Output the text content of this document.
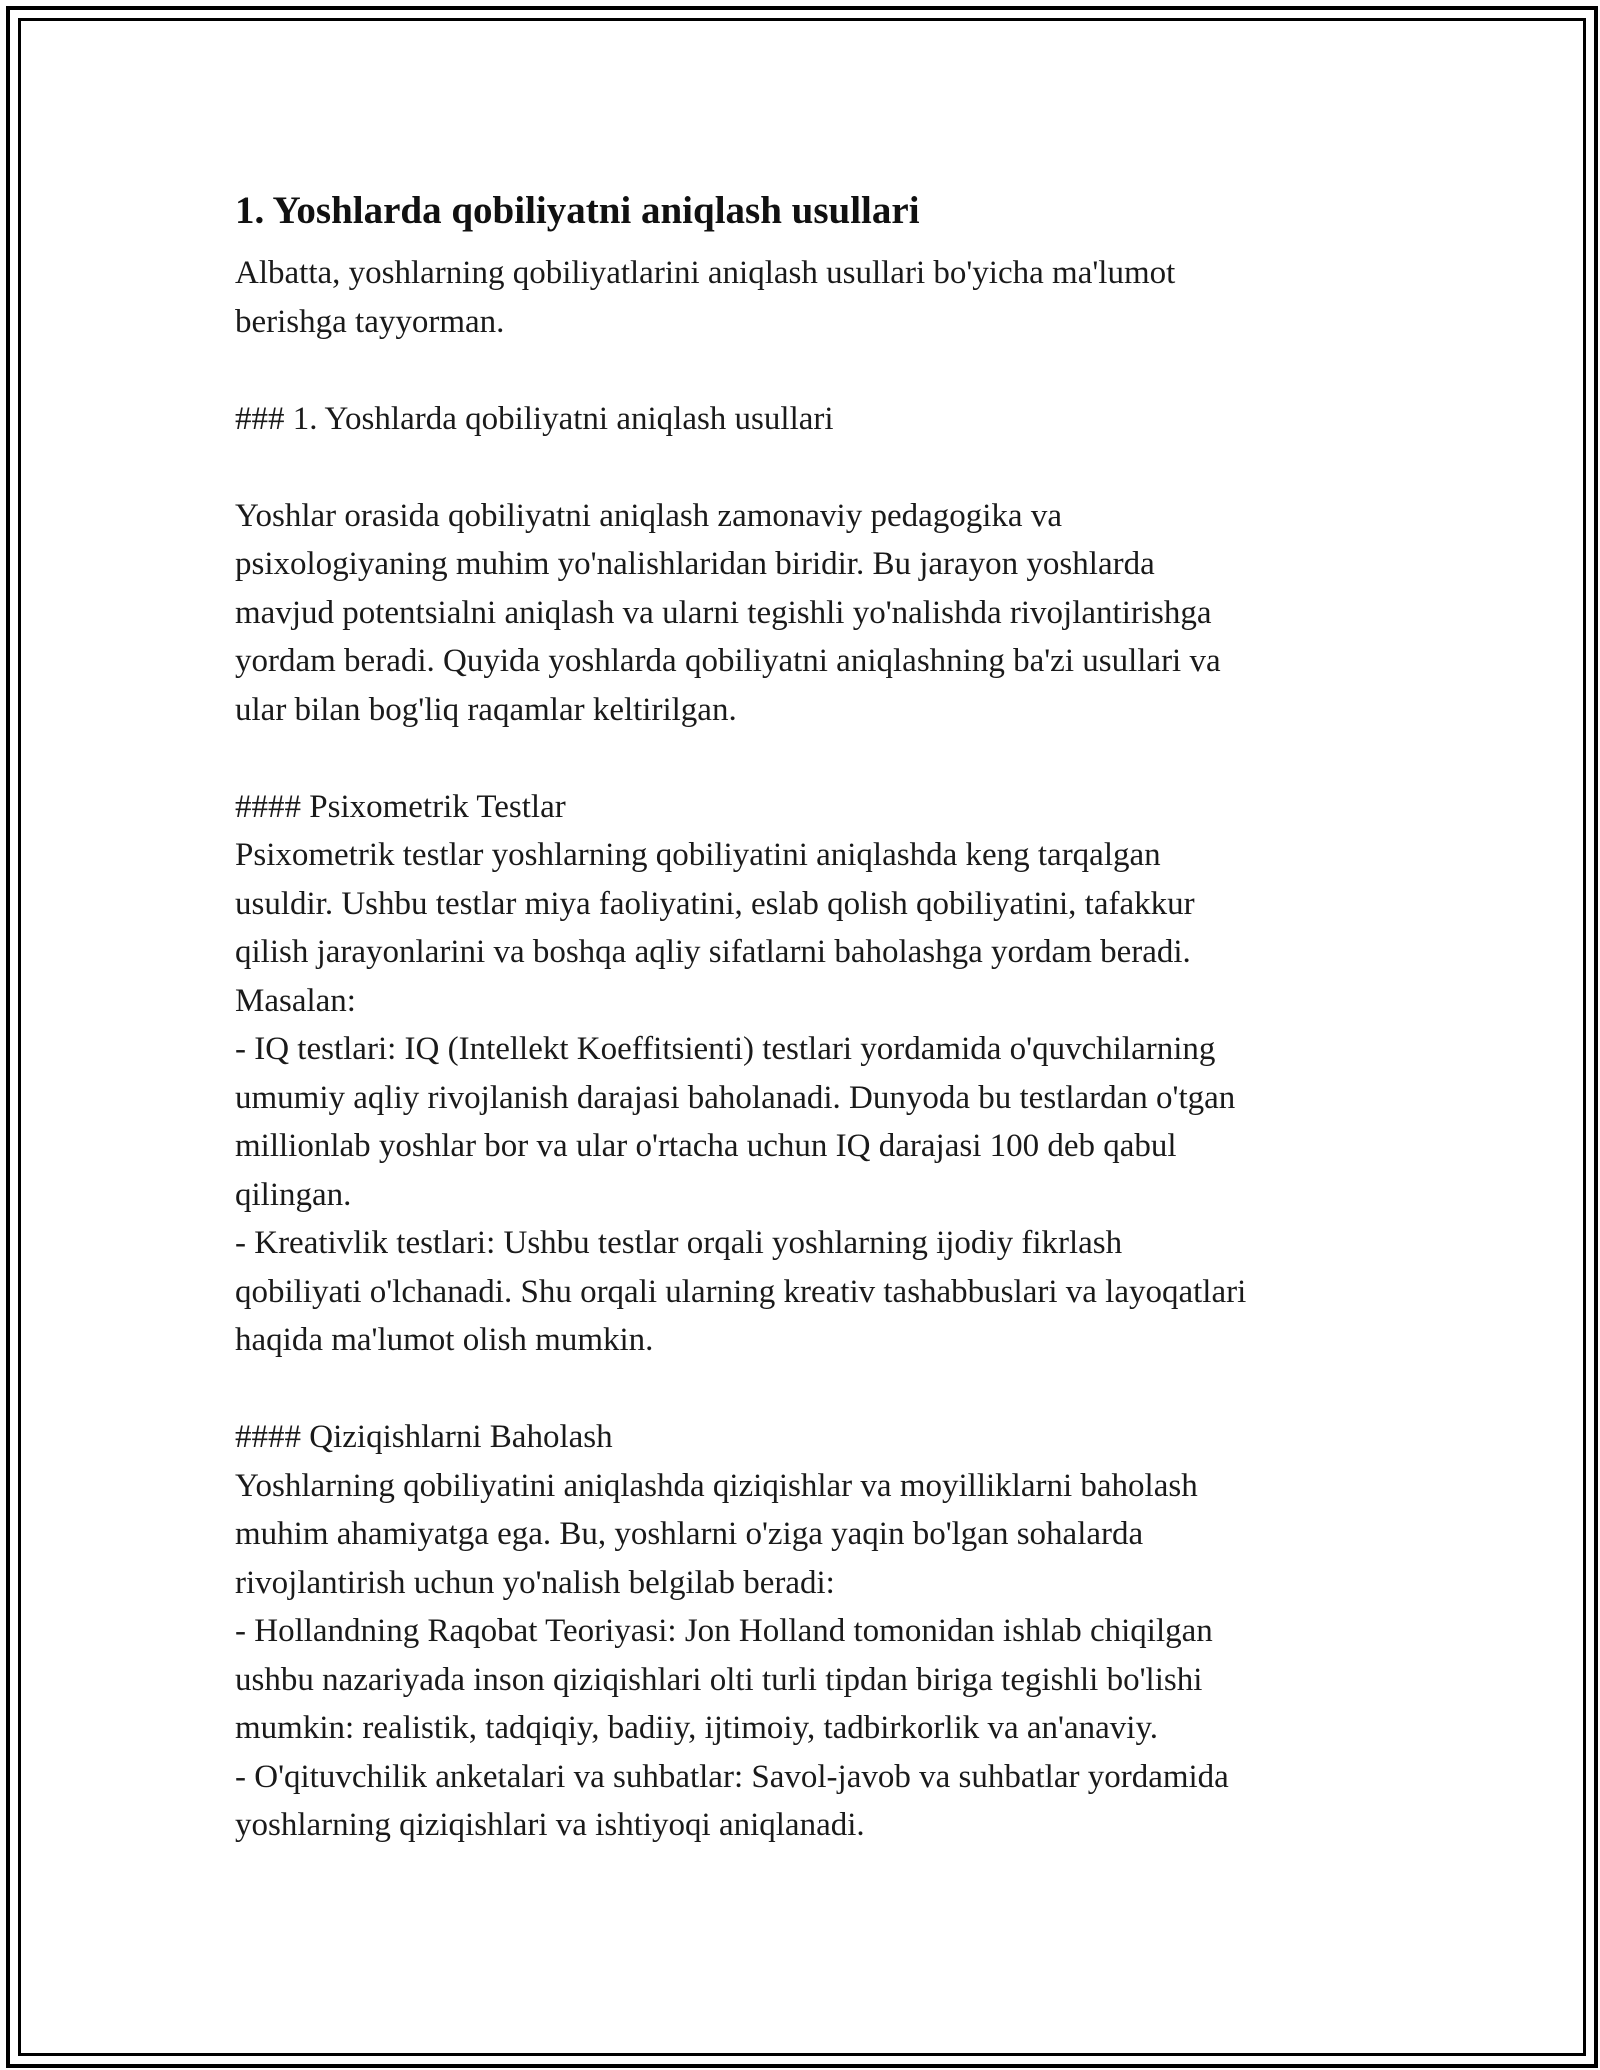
1. Yoshlarda qobiliyatni aniqlash usullari
Albatta, yoshlarning qobiliyatlarini aniqlash usullari bo'yicha ma'lumot
berishga tayyorman.
### 1. Yoshlarda qobiliyatni aniqlash usullari
Yoshlar orasida qobiliyatni aniqlash zamonaviy pedagogika va
psixologiyaning muhim yo'nalishlaridan biridir. Bu jarayon yoshlarda
mavjud potentsialni aniqlash va ularni tegishli yo'nalishda rivojlantirishga
yordam beradi. Quyida yoshlarda qobiliyatni aniqlashning ba'zi usullari va
ular bilan bog'liq raqamlar keltirilgan.
#### Psixometrik Testlar
Psixometrik testlar yoshlarning qobiliyatini aniqlashda keng tarqalgan
usuldir. Ushbu testlar miya faoliyatini, eslab qolish qobiliyatini, tafakkur
qilish jarayonlarini va boshqa aqliy sifatlarni baholashga yordam beradi.
Masalan:
- IQ testlari: IQ (Intellekt Koeffitsienti) testlari yordamida o'quvchilarning
umumiy aqliy rivojlanish darajasi baholanadi. Dunyoda bu testlardan o'tgan
millionlab yoshlar bor va ular o'rtacha uchun IQ darajasi 100 deb qabul
qilingan.
- Kreativlik testlari: Ushbu testlar orqali yoshlarning ijodiy fikrlash
qobiliyati o'lchanadi. Shu orqali ularning kreativ tashabbuslari va layoqatlari
haqida ma'lumot olish mumkin.
#### Qiziqishlarni Baholash
Yoshlarning qobiliyatini aniqlashda qiziqishlar va moyilliklarni baholash
muhim ahamiyatga ega. Bu, yoshlarni o'ziga yaqin bo'lgan sohalarda
rivojlantirish uchun yo'nalish belgilab beradi:
- Hollandning Raqobat Teoriyasi: Jon Holland tomonidan ishlab chiqilgan
ushbu nazariyada inson qiziqishlari olti turli tipdan biriga tegishli bo'lishi
mumkin: realistik, tadqiqiy, badiiy, ijtimoiy, tadbirkorlik va an'anaviy.
- O'qituvchilik anketalari va suhbatlar: Savol-javob va suhbatlar yordamida
yoshlarning qiziqishlari va ishtiyoqi aniqlanadi.
